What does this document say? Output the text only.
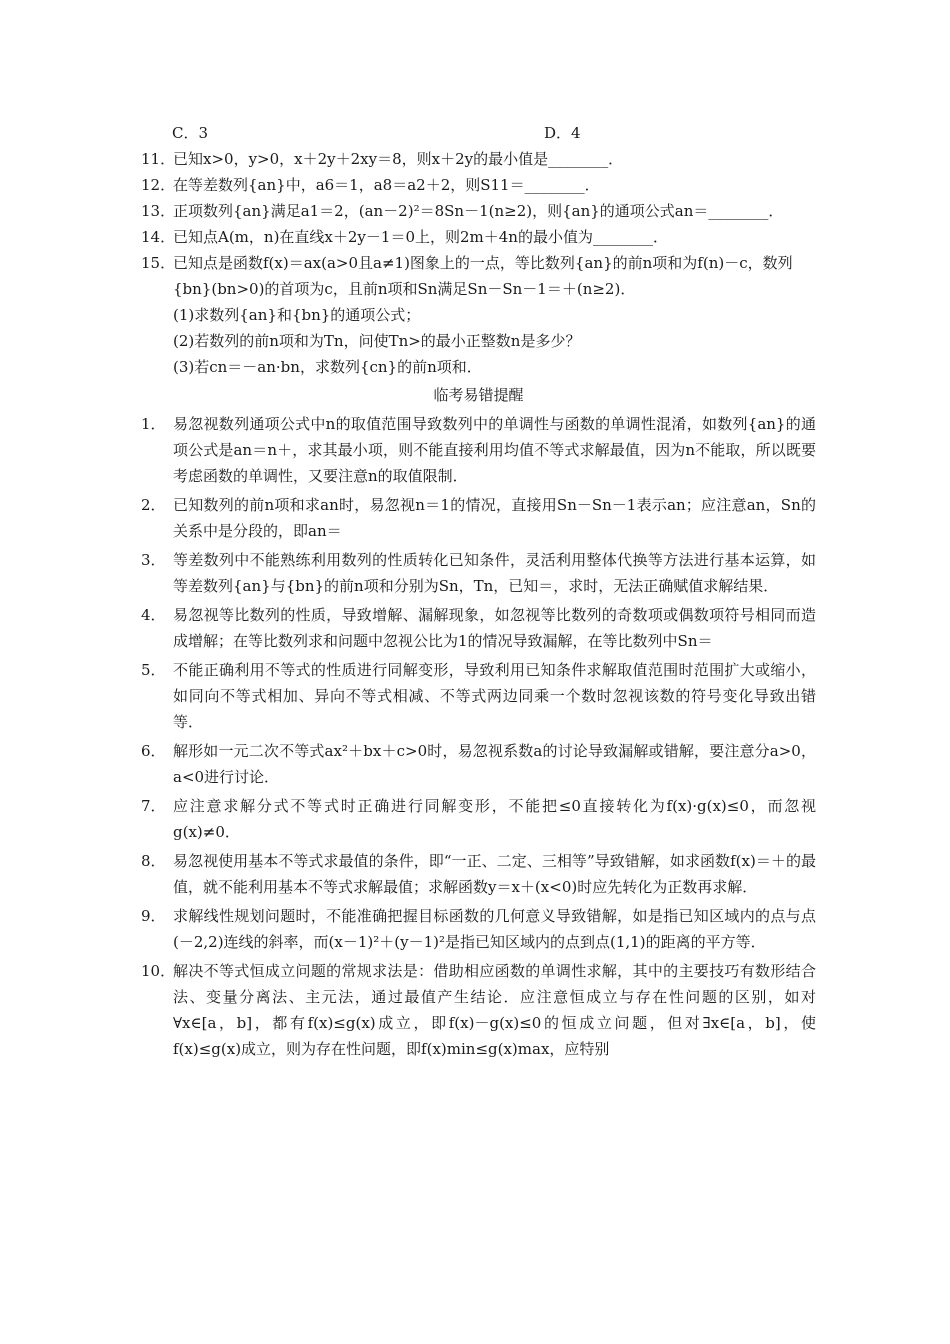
C．3	D．4
11．
已知x>0，y>0，x＋2y＋2xy＝8，则x＋2y的最小值是________．
12．
在等差数列{an}中，a6＝1，a8＝a2＋2，则S11＝________．
13．
正项数列{an}满足a1＝2，(an－2)²＝8Sn－1(n≥2)，则{an}的通项公式an＝________．
14．
已知点A(m，n)在直线x＋2y－1＝0上，则2m＋4n的最小值为________．
15．
已知点是函数f(x)＝ax(a>0且a≠1)图象上的一点，等比数列{an}的前n项和为f(n)－c，数列{bn}(bn>0)的首项为c，且前n项和Sn满足Sn－Sn－1＝＋(n≥2)．
(1)求数列{an}和{bn}的通项公式；
(2)若数列的前n项和为Tn，问使Tn>的最小正整数n是多少？
(3)若cn＝－an·bn，求数列{cn}的前n项和．
临考易错提醒
1． 易忽视数列通项公式中n的取值范围导致数列中的单调性与函数的单调性混淆，如数列{an}的通项公式是an＝n＋，求其最小项，则不能直接利用均值不等式求解最值，因为n不能取，所以既要考虑函数的单调性，又要注意n的取值限制．
2． 已知数列的前n项和求an时，易忽视n＝1的情况，直接用Sn－Sn－1表示an；应注意an，Sn的关系中是分段的，即an＝
3． 等差数列中不能熟练利用数列的性质转化已知条件，灵活利用整体代换等方法进行基本运算，如等差数列{an}与{bn}的前n项和分别为Sn，Tn，已知＝，求时，无法正确赋值求解结果．
4． 易忽视等比数列的性质，导致增解、漏解现象，如忽视等比数列的奇数项或偶数项符号相同而造成增解；在等比数列求和问题中忽视公比为1的情况导致漏解，在等比数列中Sn＝
5． 不能正确利用不等式的性质进行同解变形，导致利用已知条件求解取值范围时范围扩大或缩小，如同向不等式相加、异向不等式相减、不等式两边同乘一个数时忽视该数的符号变化导致出错等．
6． 解形如一元二次不等式ax²＋bx＋c>0时，易忽视系数a的讨论导致漏解或错解，要注意分a>0，a<0进行讨论．
7． 应注意求解分式不等式时正确进行同解变形，不能把≤0直接转化为f(x)·g(x)≤0，而忽视g(x)≠0．
8． 易忽视使用基本不等式求最值的条件，即“一正、二定、三相等”导致错解，如求函数f(x)＝＋的最值，就不能利用基本不等式求解最值；求解函数y＝x＋(x<0)时应先转化为正数再求解．
9． 求解线性规划问题时，不能准确把握目标函数的几何意义导致错解，如是指已知区域内的点与点(－2,2)连线的斜率，而(x－1)²＋(y－1)²是指已知区域内的点到点(1,1)的距离的平方等．
10．
解决不等式恒成立问题的常规求法是：借助相应函数的单调性求解，其中的主要技巧有数形结合法、变量分离法、主元法，通过最值产生结论．应注意恒成立与存在性问题的区别，如对∀x∈[a，b]，都有f(x)≤g(x)成立，即f(x)－g(x)≤0的恒成立问题，但对∃x∈[a，b]，使f(x)≤g(x)成立，则为存在性问题，即f(x)min≤g(x)max，应特别
